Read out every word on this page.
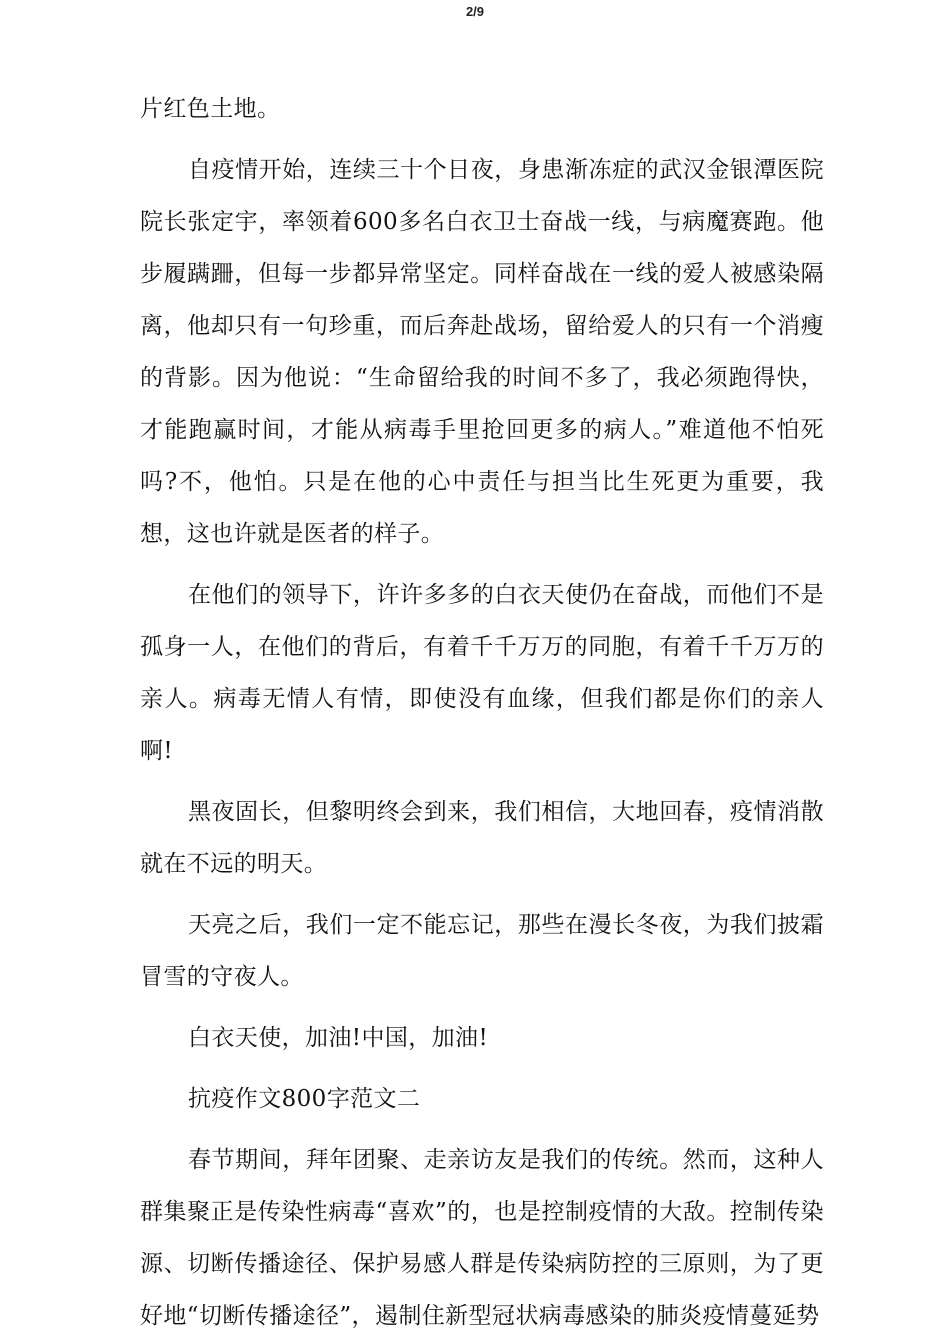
2/9

片红色土地。

自疫情开始，连续三十个日夜，身患渐冻症的武汉金银潭医院院长张定宇，率领着600多名白衣卫士奋战一线，与病魔赛跑。他步履蹒跚，但每一步都异常坚定。同样奋战在一线的爱人被感染隔离，他却只有一句珍重，而后奔赴战场，留给爱人的只有一个消瘦的背影。因为他说：“生命留给我的时间不多了，我必须跑得快，才能跑赢时间，才能从病毒手里抢回更多的病人。”难道他不怕死吗?不，他怕。只是在他的心中责任与担当比生死更为重要，我想，这也许就是医者的样子。

在他们的领导下，许许多多的白衣天使仍在奋战，而他们不是孤身一人，在他们的背后，有着千千万万的同胞，有着千千万万的亲人。病毒无情人有情，即使没有血缘，但我们都是你们的亲人啊!

黑夜固长，但黎明终会到来，我们相信，大地回春，疫情消散就在不远的明天。

天亮之后，我们一定不能忘记，那些在漫长冬夜，为我们披霜冒雪的守夜人。

白衣天使，加油!中国，加油!

抗疫作文800字范文二

春节期间，拜年团聚、走亲访友是我们的传统。然而，这种人群集聚正是传染性病毒“喜欢”的，也是控制疫情的大敌。控制传染源、切断传播途径、保护易感人群是传染病防控的三原则，为了更好地“切断传播途径”，遏制住新型冠状病毒感染的肺炎疫情蔓延势
